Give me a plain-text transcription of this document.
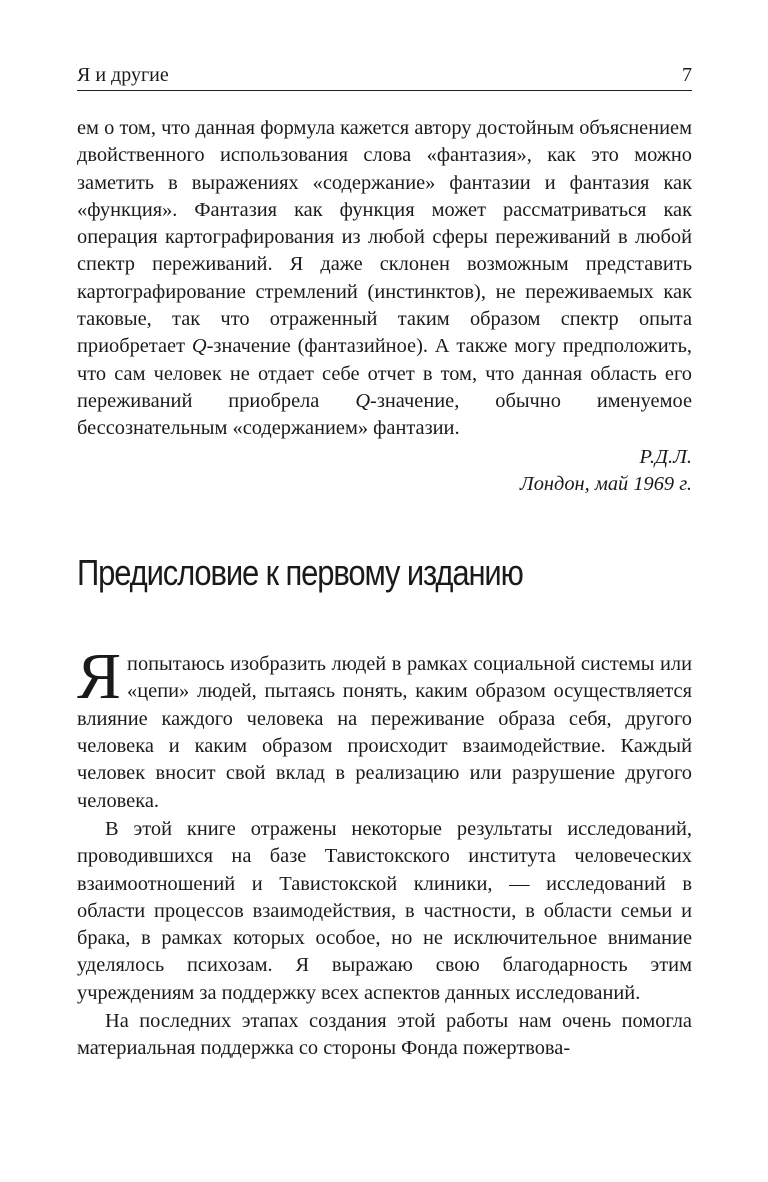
Я и другие	7

ем о том, что данная формула кажется автору достойным объяснением двойственного использования слова «фантазия», как это можно заметить в выражениях «содержание» фантазии и фантазия как «функция». Фантазия как функция может рассматриваться как операция картографирования из любой сферы переживаний в любой спектр переживаний. Я даже склонен возможным представить картографирование стремлений (инстинктов), не переживаемых как таковые, так что отраженный таким образом спектр опыта приобретает Q-значение (фантазийное). А также могу предположить, что сам человек не отдает себе отчет в том, что данная область его переживаний приобрела Q-значение, обычно именуемое бессознательным «содержанием» фантазии.

Р.Д.Л.
Лондон, май 1969 г.
Предисловие к первому изданию

Япопытаюсь изобразить людей в рамках социальной системы или «цепи» людей, пытаясь понять, каким образом осуществляется влияние каждого человека на переживание образа себя, другого человека и каким образом происходит взаимодействие. Каждый человек вносит свой вклад в реализацию или разрушение другого человека.

В этой книге отражены некоторые результаты исследований, проводившихся на базе Тавистокского института человеческих взаимоотношений и Тавистокской клиники, — исследований в области процессов взаимодействия, в частности, в области семьи и брака, в рамках которых особое, но не исключительное внимание уделялось психозам. Я выражаю свою благодарность этим учреждениям за поддержку всех аспектов данных исследований.

На последних этапах создания этой работы нам очень помогла материальная поддержка со стороны Фонда пожертвова-
